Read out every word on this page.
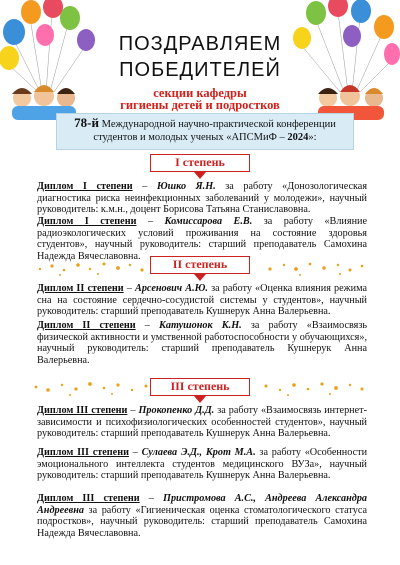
ПОЗДРАВЛЯЕМ
ПОБЕДИТЕЛЕЙ
секции кафедры
гигиены детей и подростков
78-й Международной научно-практической конференции
студентов и молодых ученых «АПСМиФ – 2024»:
I степень
Диплом I степени – Юшко Я.Н. за работу «Донозологическая диагностика риска неинфекционных заболеваний у молодежи», научный руководитель: к.м.н., доцент Борисова Татьяна Станиславовна.
Диплом I степени – Комиссарова Е.В. за работу «Влияние радиоэкологических условий проживания на состояние здоровья студентов», научный руководитель: старший преподаватель Самохина Надежда Вячеславовна.
II степень
Диплом II степени – Арсенович А.Ю. за работу «Оценка влияния режима сна на состояние сердечно-сосудистой системы у студентов», научный руководитель: старший преподаватель Кушнерук Анна Валерьевна.
Диплом II степени – Катушонок К.Н. за работу «Взаимосвязь физической активности и умственной работоспособности у обучающихся», научный руководитель: старший преподаватель Кушнерук Анна Валерьевна.
III степень
Диплом III степени – Прокопенко Д.Д. за работу «Взаимосвязь интернет-зависимости и психофизиологических особенностей студентов», научный руководитель: старший преподаватель Кушнерук Анна Валерьевна.
Диплом III степени – Сулаева Э.Д., Крот М.А. за работу «Особенности эмоционального интеллекта студентов медицинского ВУЗа», научный руководитель: старший преподаватель Кушнерук Анна Валерьевна.
Диплом III степени – Пристромова А.С., Андреева Александра Андреевна за работу «Гигиеническая оценка стоматологического статуса подростков», научный руководитель: старший преподаватель Самохина Надежда Вячеславовна.
